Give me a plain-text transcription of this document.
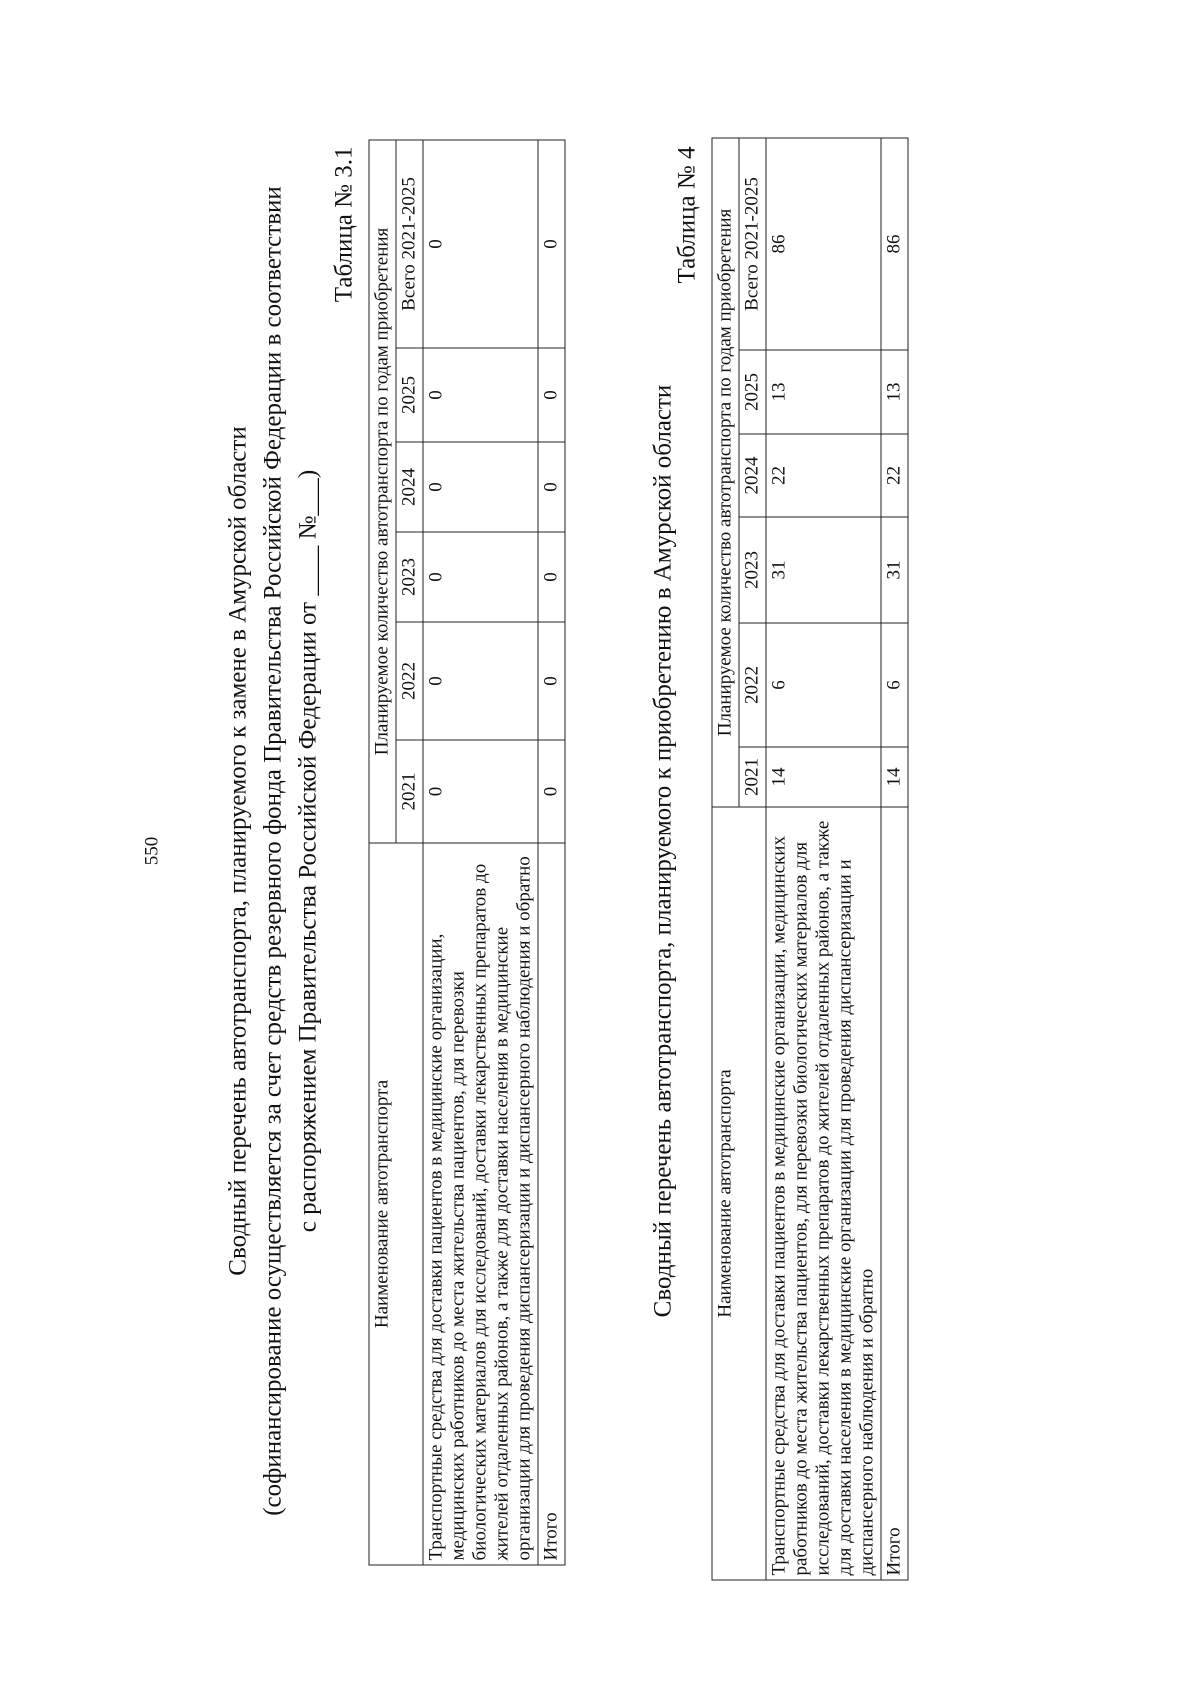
550 Сводный перечень автотранспорта, планируемого к замене в Амурской области (софинансирование осуществляется за счет средств резервного фонда Правительства Российской Федерации в соответствии с распоряжением Правительства Российской Федерации от ____ №___)
Таблица № 3.1
Наименование автотранспорта	Планируемое количество автотранспорта по годам приобретения					
	2021	2022	2023	2024	2025	Всего 2021-2025
Транспортные средства для доставки пациентов в медицинские организации, медицинских работников до места жительства пациентов, для перевозки биологических материалов для исследований, доставки лекарственных препаратов до жителей отдаленных районов, а также для доставки населения в медицинские организации для проведения диспансеризации и диспансерного наблюдения и обратно	0	0	0	0	0	0
Итого	0	0	0	0	0	0
Сводный перечень автотранспорта, планируемого к приобретению в Амурской области
Таблица № 4
Наименование автотранспорта	Планируемое количество автотранспорта по годам приобретения					
	2021	2022	2023	2024	2025	Всего 2021-2025
Транспортные средства для доставки пациентов в медицинские организации, медицинских работников до места жительства пациентов, для перевозки биологических материалов для исследований, доставки лекарственных препаратов до жителей отдаленных районов, а также для доставки населения в медицинские организации для проведения диспансеризации и диспансерного наблюдения и обратно	14	6	31	22	13	86
Итого	14	6	31	22	13	86
